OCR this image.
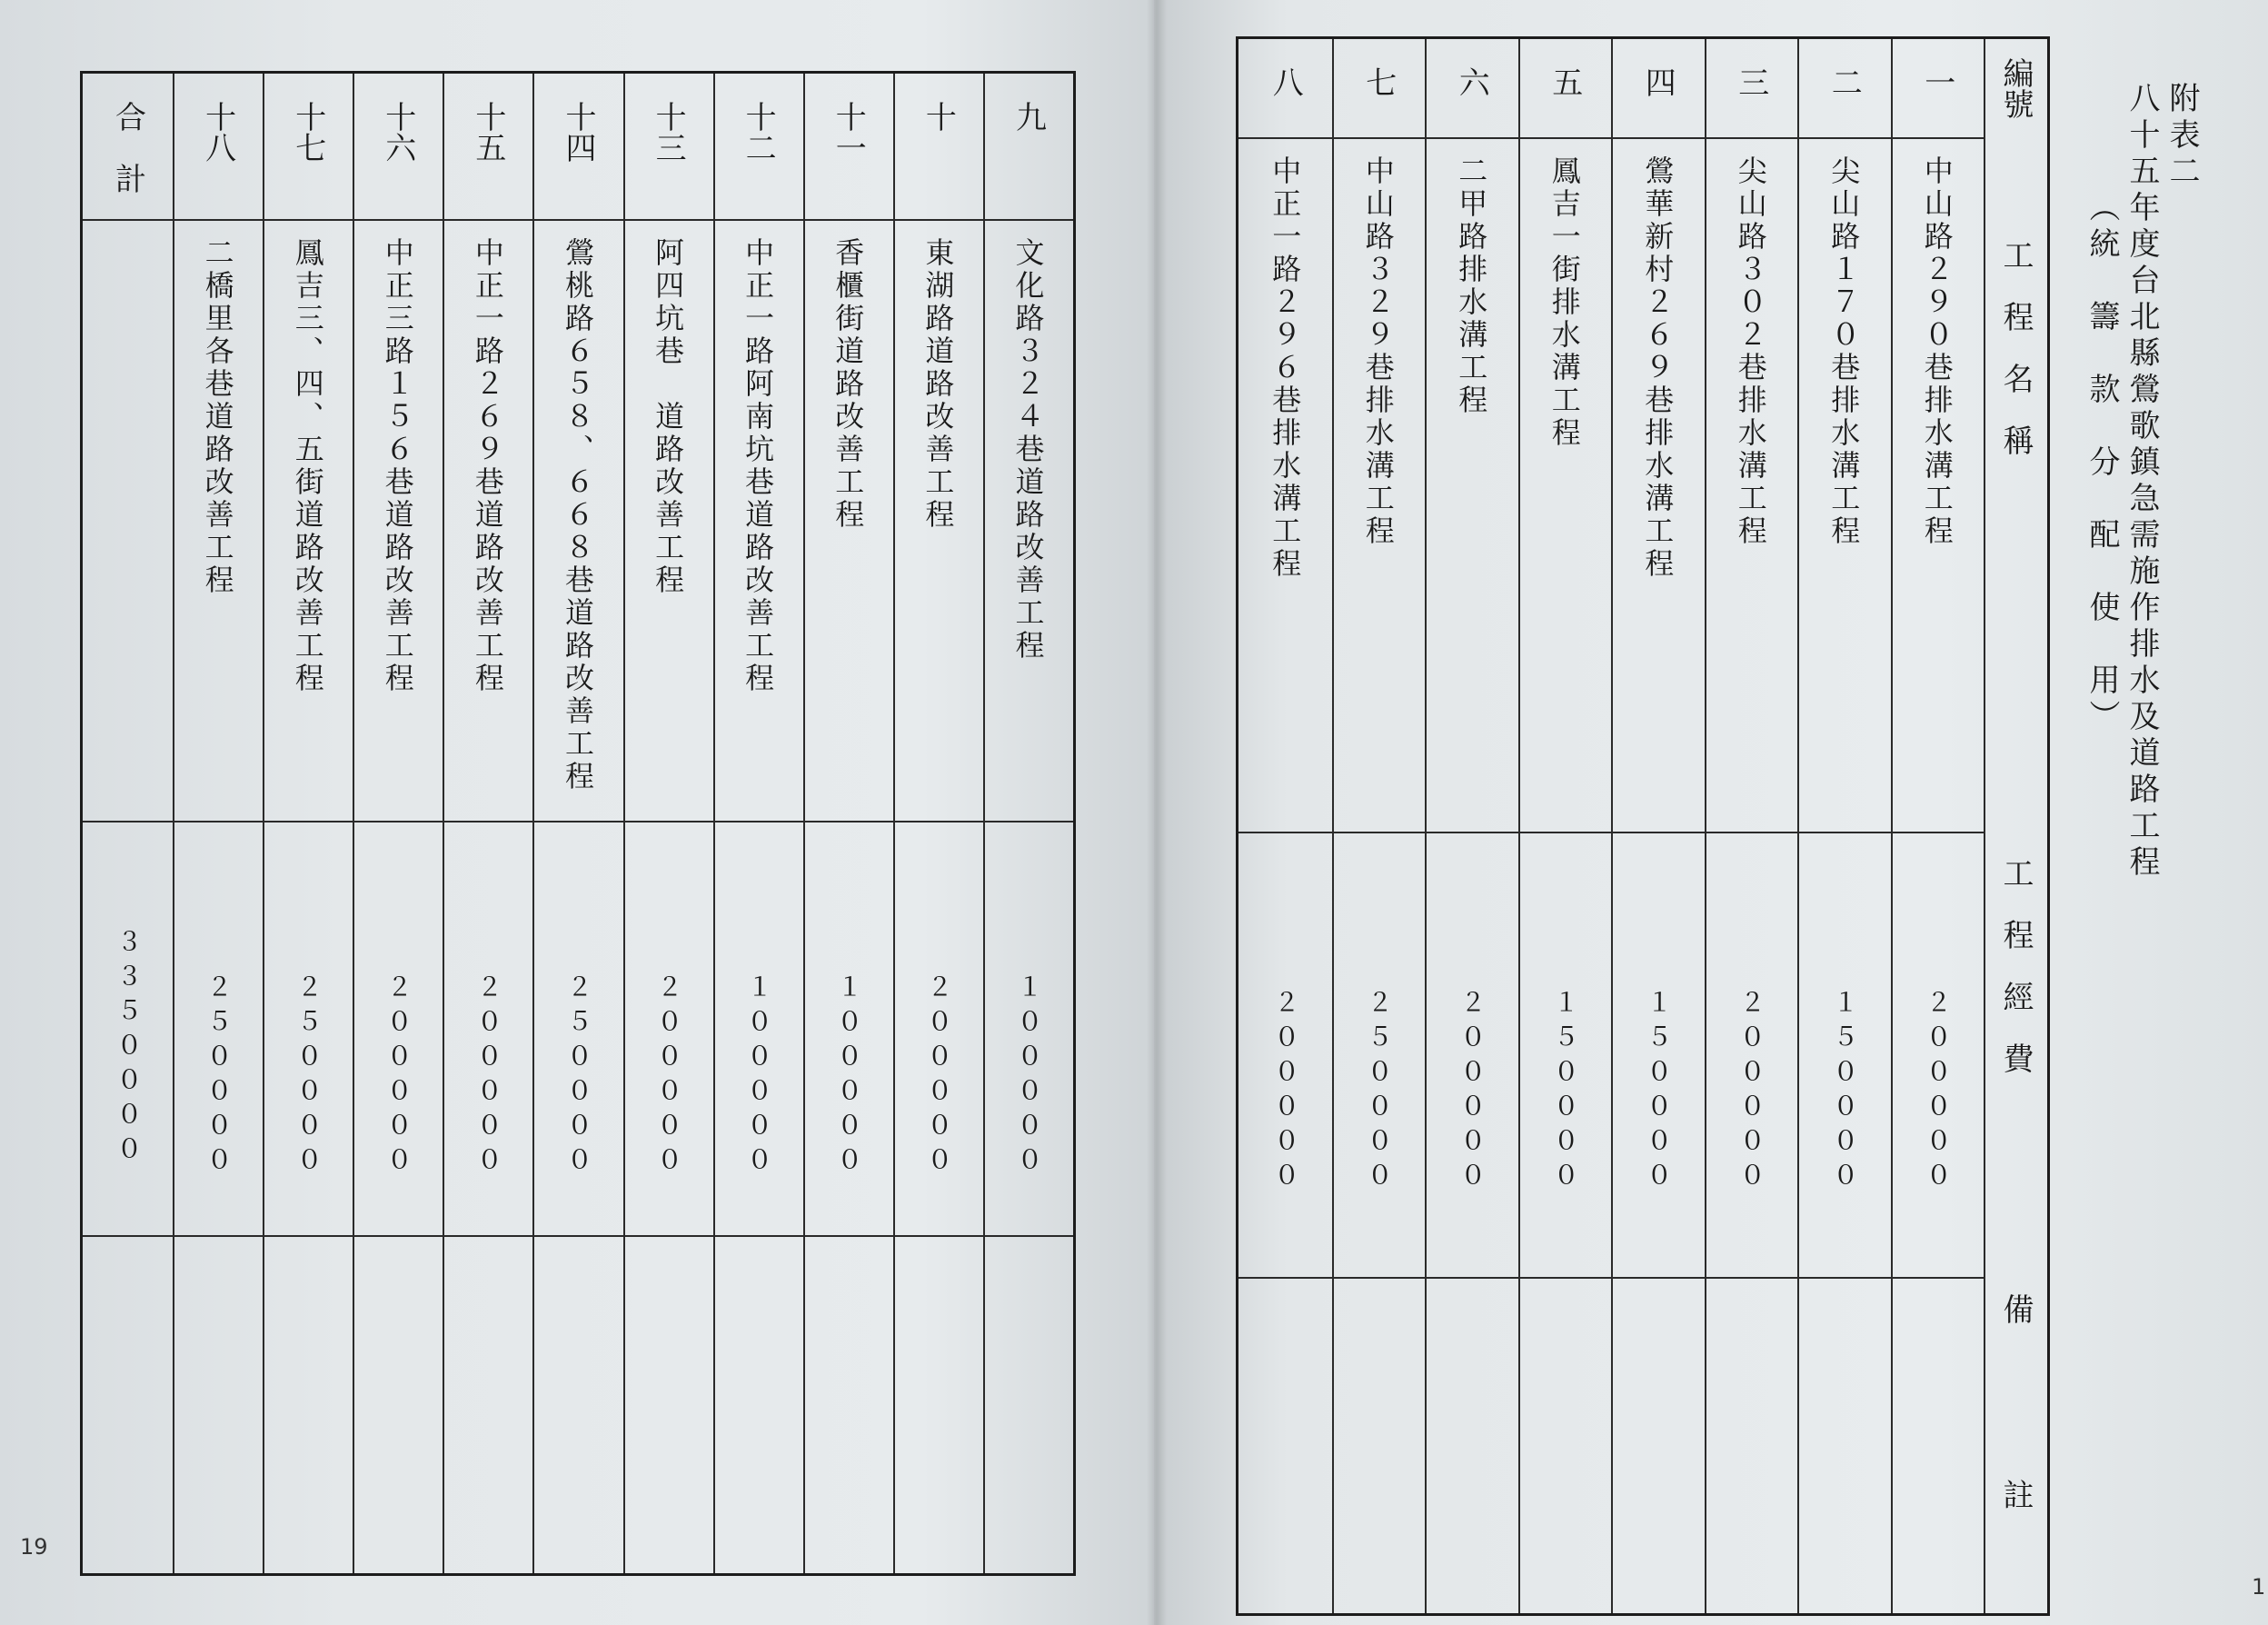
編號
工　程　名　稱
工　程　經　費
備　　　　　註
一
中山路２９０巷排水溝工程
２０００００
二
尖山路１７０巷排水溝工程
１５００００
三
尖山路３０２巷排水溝工程
２０００００
四
鶯華新村２６９巷排水溝工程
１５００００
五
鳳吉一街排水溝工程
１５００００
六
二甲路排水溝工程
２０００００
七
中山路３２９巷排水溝工程
２５００００
八
中正一路２９６巷排水溝工程
２０００００
九
文化路３２４巷道路改善工程
１０００００
十
東湖路道路改善工程
２０００００
十一
香櫃街道路改善工程
１０００００
十二
中正一路阿南坑巷道路改善工程
１０００００
十三
阿四坑巷　道路改善工程
２０００００
十四
鶯桃路６５８、６６８巷道路改善工程
２５００００
十五
中正一路２６９巷道路改善工程
２０００００
十六
中正三路１５６巷道路改善工程
２０００００
十七
鳳吉三、四、五街道路改善工程
２５００００
十八
二橋里各巷道路改善工程
２５００００
合　計
３３５００００
附表二
八十五年度台北縣鶯歌鎮急需施作排水及道路工程
（統　籌　款　分　配　使　用）

19
1
